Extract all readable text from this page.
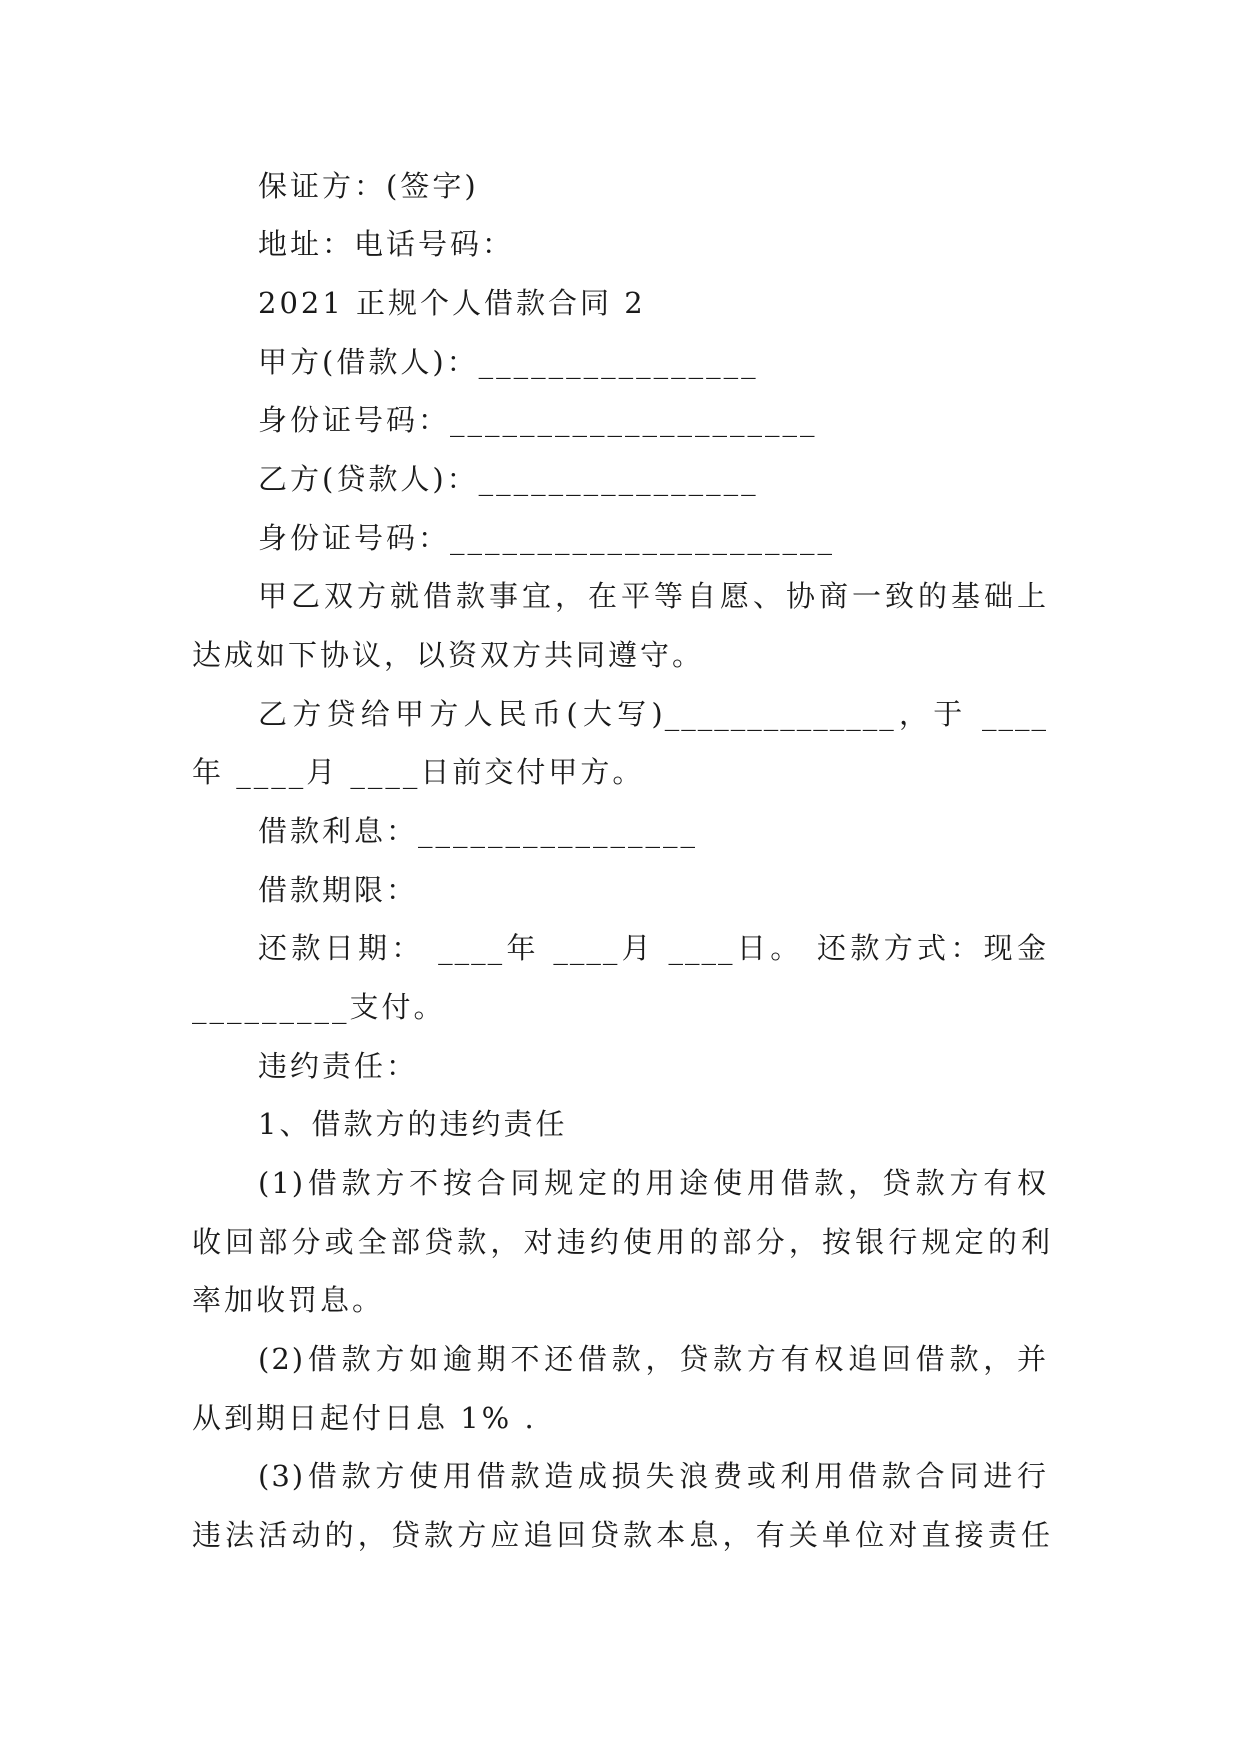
保证方：(签字)

地址：电话号码：

2021 正规个人借款合同 2

甲方(借款人)：________________

身份证号码：_____________________

乙方(贷款人)：________________

身份证号码：______________________

甲乙双方就借款事宜，在平等自愿、协商一致的基础上

达成如下协议，以资双方共同遵守。

乙方贷给甲方人民币(大写)______________，于 ____

年 ____月 ____日前交付甲方。

借款利息：________________

借款期限：

还款日期： ____年 ____月 ____日。 还款方式：现金

_________支付。

违约责任：

1、借款方的违约责任

(1)借款方不按合同规定的用途使用借款，贷款方有权

收回部分或全部贷款，对违约使用的部分，按银行规定的利

率加收罚息。

(2)借款方如逾期不还借款，贷款方有权追回借款，并

从到期日起付日息 1% .

(3)借款方使用借款造成损失浪费或利用借款合同进行

违法活动的，贷款方应追回贷款本息，有关单位对直接责任
